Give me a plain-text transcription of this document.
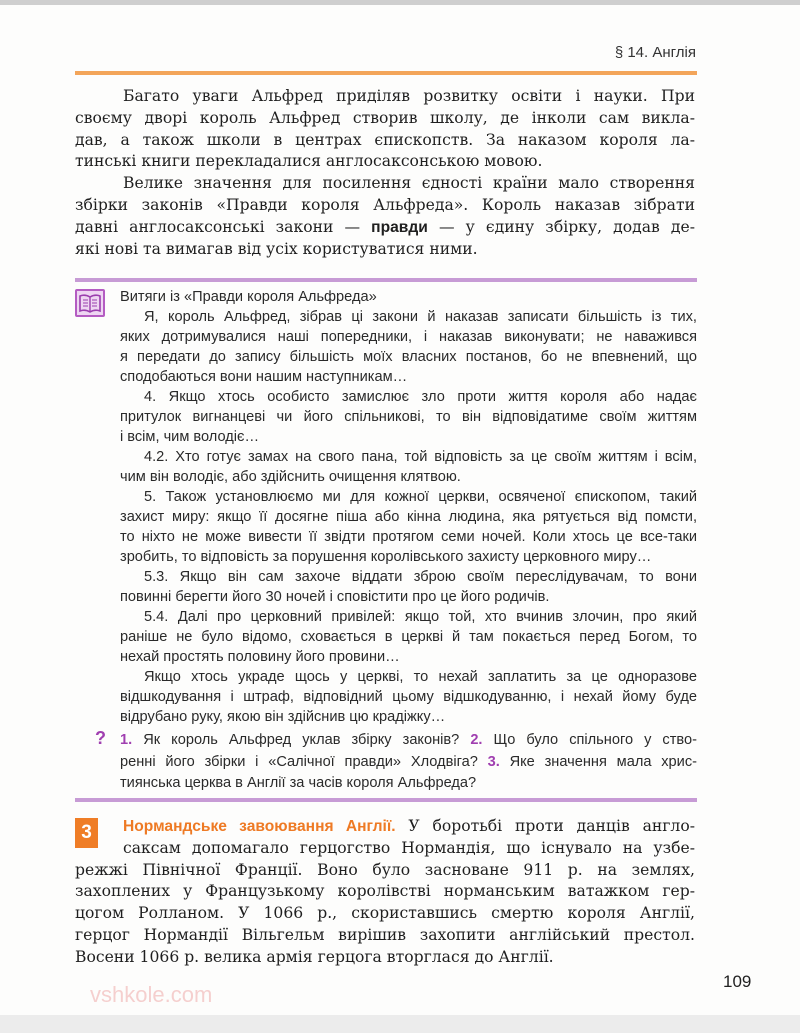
vshkole.com
§ 14. Англія
Багато уваги Альфред приділяв розвитку освіти і науки. При
своєму дворі король Альфред створив школу, де інколи сам викла-
дав, а також школи в центрах єпископств. За наказом короля ла-
тинські книги перекладалися англосаксонською мовою.
Велике значення для посилення єдності країни мало створення
збірки законів «Правди короля Альфреда». Король наказав зібрати
давні англосаксонські закони — правди — у єдину збірку, додав де-
які нові та вимагав від усіх користуватися ними.
Витяги із «Правди короля Альфреда»
Я, король Альфред, зібрав ці закони й наказав записати більшість із тих,
яких дотримувалися наші попередники, і наказав виконувати; не наважився
я передати до запису більшість моїх власних постанов, бо не впевнений, що
сподобаються вони нашим наступникам…
4. Якщо хтось особисто замислює зло проти життя короля або надає
притулок вигнанцеві чи його спільникові, то він відповідатиме своїм життям
і всім, чим володіє…
4.2. Хто готує замах на свого пана, той відповість за це своїм життям і всім,
чим він володіє, або здійснить очищення клятвою.
5. Також установлюємо ми для кожної церкви, освяченої єпископом, такий
захист миру: якщо її досягне піша або кінна людина, яка рятується від помсти,
то ніхто не може вивести її звідти протягом семи ночей. Коли хтось це все-таки
зробить, то відповість за порушення королівського захисту церковного миру…
5.3. Якщо він сам захоче віддати зброю своїм переслідувачам, то вони
повинні берегти його 30 ночей і сповістити про це його родичів.
5.4. Далі про церковний привілей: якщо той, хто вчинив злочин, про який
раніше не було відомо, сховається в церкві й там покається перед Богом, то
нехай простять половину його провини…
Якщо хтось украде щось у церкві, то нехай заплатить за це одноразове
відшкодування і штраф, відповідний цьому відшкодуванню, і нехай йому буде
відрубано руку, якою він здійснив цю крадіжку…
? 1. Як король Альфред уклав збірку законів? 2. Що було спільного у ство-
ренні його збірки і «Салічної правди» Хлодвіга? 3. Яке значення мала хрис-
тиянська церква в Англії за часів короля Альфреда?
3	Нормандське завоювання Англії. У боротьбі проти данців англо-
саксам допомагало герцогство Нормандія, що існувало на узбе-
режжі Північної Франції. Воно було засноване 911 р. на землях,
захоплених у Французькому королівстві норманським ватажком гер-
цогом Ролланом. У 1066 р., скориставшись смертю короля Англії,
герцог Нормандії Вільгельм вирішив захопити англійський престол.
Восени 1066 р. велика армія герцога вторглася до Англії.
109
